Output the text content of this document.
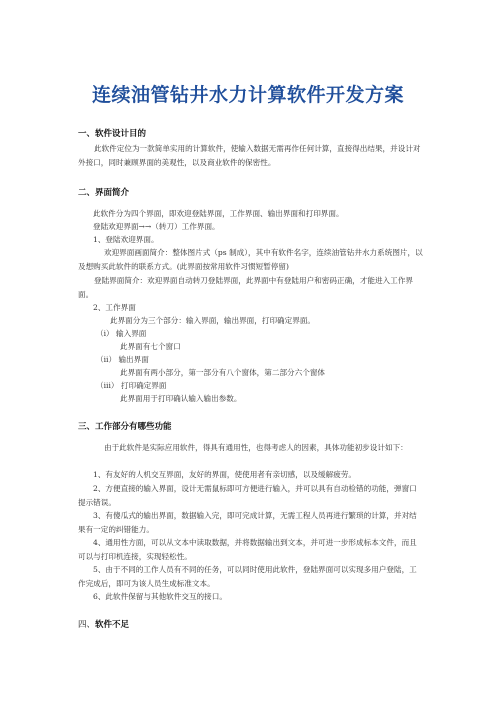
连续油管钻井水力计算软件开发方案
一、软件设计目的
此软件定位为一款简单实用的计算软件，使输入数据无需再作任何计算，直接得出结果，并设计对外接口，同时兼顾界面的美观性，以及商业软件的保密性。
二、界面简介
此软件分为四个界面，即欢迎登陆界面，工作界面、输出界面和打印界面。
登陆欢迎界面→→（转刀）工作界面。
1、登陆欢迎界面。
欢迎界面画面简介：整体图片式（ps 制成），其中有软件名字，连续油管钻井水力系统图片，以及想购买此软件的联系方式。(此界面按常用软件习惯短暂停留)
登陆界面简介：欢迎界面自动转刀登陆界面，此界面中有登陆用户和密码正确，才能进入工作界面。
2、工作界面
此界面分为三个部分：输入界面，输出界面，打印确定界面。
（i） 输入界面
此界面有七个窗口
（ii） 输出界面
此界面有两小部分，第一部分有八个窗体，第二部分六个窗体
（iii） 打印确定界面
此界面用于打印确认输入输出参数。
三、工作部分有哪些功能
由于此软件是实际应用软件，得具有通用性，也得考虑人的因素，具体功能初步设计如下：
1、有友好的人机交互界面，友好的界面，使使用者有亲切感，以及缓解疲劳。
2、方便直接的输入界面，设计无需鼠标即可方便进行输入，并可以具有自动检错的功能，弹窗口提示错误。
3、有傻瓜式的输出界面，数据输入完，即可完成计算，无需工程人员再进行繁琐的计算，并对结果有一定的纠错能力。
4、通用性方面，可以从文本中读取数据，并将数据输出到文本，并可进一步形成标本文件，而且可以与打印机连接，实现轻松性。
5、由于不同的工作人员有不同的任务，可以同时使用此软件，登陆界面可以实现多用户登陆，工作完成后，即可为该人员生成标准文本。
6、此软件保留与其他软件交互的接口。
四、软件不足
